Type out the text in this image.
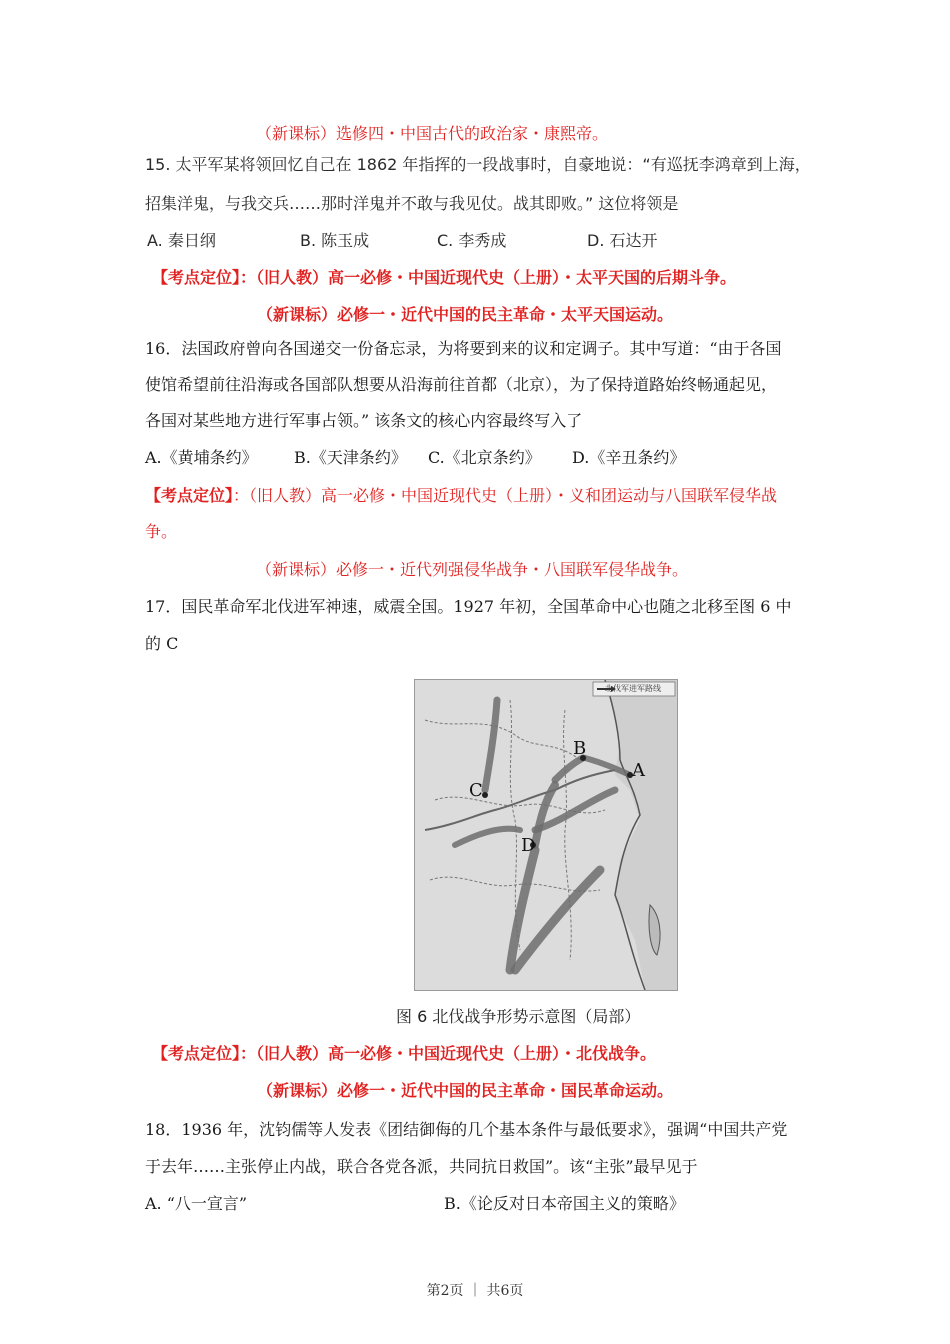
（新课标）选修四・中国古代的政治家・康熙帝。
15. 太平军某将领回忆自己在 1862 年指挥的一段战事时，自豪地说：“有巡抚李鸿章到上海，
招集洋鬼，与我交兵……那时洋鬼并不敢与我见仗。战其即败。” 这位将领是
A. 秦日纲	B. 陈玉成	C. 李秀成	D. 石达开
【考点定位】：（旧人教）高一必修・中国近现代史（上册）・太平天国的后期斗争。
（新课标）必修一・近代中国的民主革命・太平天国运动。
16．法国政府曾向各国递交一份备忘录，为将要到来的议和定调子。其中写道：“由于各国
使馆希望前往沿海或各国部队想要从沿海前往首都（北京），为了保持道路始终畅通起见，
各国对某些地方进行军事占领。” 该条文的核心内容最终写入了
A.《黄埔条约》 B.《天津条约》 C.《北京条约》 D.《辛丑条约》
【考点定位】：（旧人教）高一必修・中国近现代史（上册）・义和团运动与八国联军侵华战
争。
（新课标）必修一・近代列强侵华战争・八国联军侵华战争。
17．国民革命军北伐进军神速，威震全国。1927 年初，全国革命中心也随之北移至图 6 中
的 C
北伐军进军路线
A
B
C
D
图 6 北伐战争形势示意图（局部）
【考点定位】：（旧人教）高一必修・中国近现代史（上册）・北伐战争。
（新课标）必修一・近代中国的民主革命・国民革命运动。
18．1936 年，沈钧儒等人发表《团结御侮的几个基本条件与最低要求》，强调“中国共产党
于去年……主张停止内战，联合各党各派，共同抗日救国”。该“主张”最早见于
A. “八一宣言”	B.《论反对日本帝国主义的策略》
第2页 ｜ 共6页
